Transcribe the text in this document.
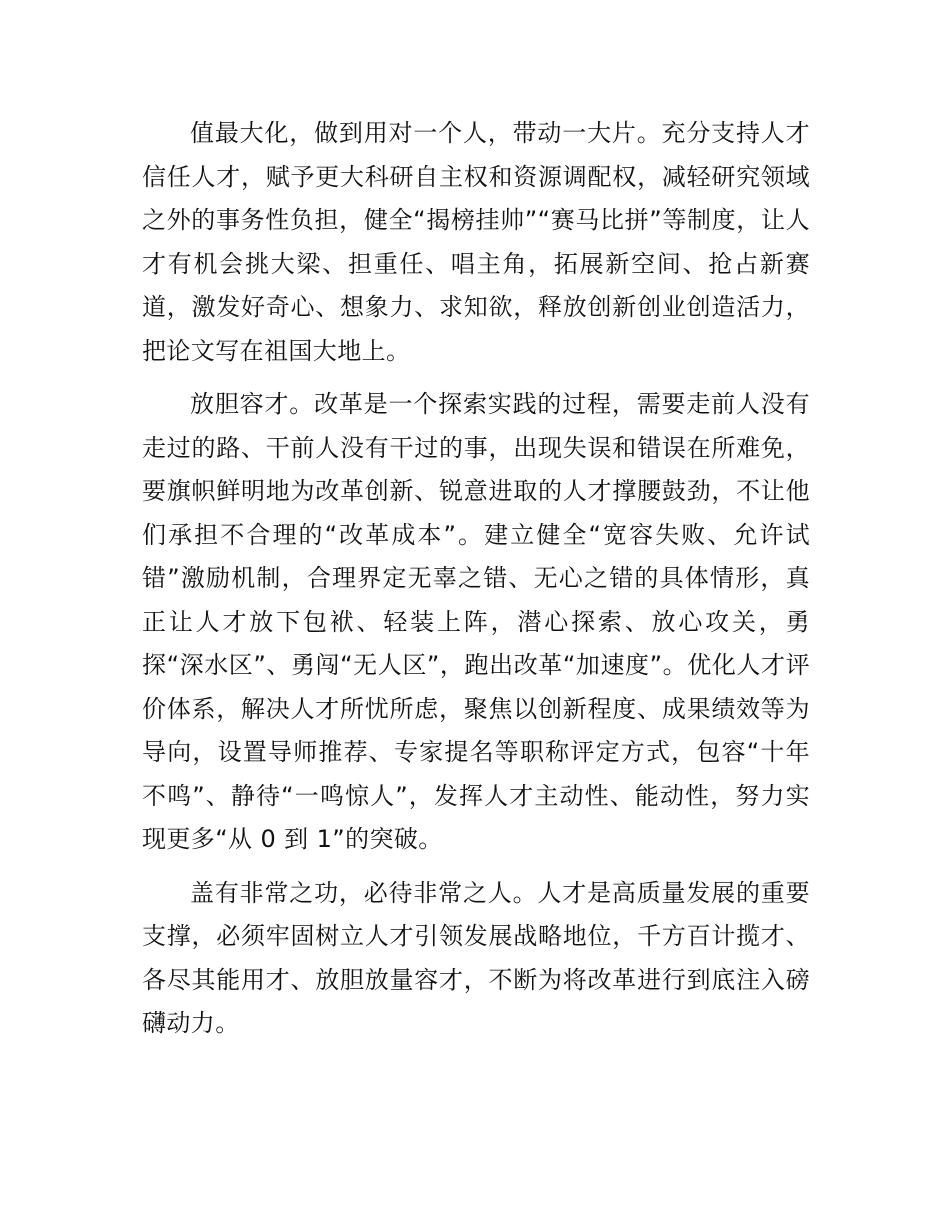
值最大化，做到用对一个人，带动一大片。充分支持人才信任人才，赋予更大科研自主权和资源调配权，减轻研究领域之外的事务性负担，健全“揭榜挂帅”“赛马比拼”等制度，让人才有机会挑大梁、担重任、唱主角，拓展新空间、抢占新赛道，激发好奇心、想象力、求知欲，释放创新创业创造活力，把论文写在祖国大地上。

放胆容才。改革是一个探索实践的过程，需要走前人没有走过的路、干前人没有干过的事，出现失误和错误在所难免，要旗帜鲜明地为改革创新、锐意进取的人才撑腰鼓劲，不让他们承担不合理的“改革成本”。建立健全“宽容失败、允许试错”激励机制，合理界定无辜之错、无心之错的具体情形，真正让人才放下包袱、轻装上阵，潜心探索、放心攻关，勇探“深水区”、勇闯“无人区”，跑出改革“加速度”。优化人才评价体系，解决人才所忧所虑，聚焦以创新程度、成果绩效等为导向，设置导师推荐、专家提名等职称评定方式，包容“十年不鸣”、静待“一鸣惊人”，发挥人才主动性、能动性，努力实现更多“从 0 到 1”的突破。

盖有非常之功，必待非常之人。人才是高质量发展的重要支撑，必须牢固树立人才引领发展战略地位，千方百计揽才、各尽其能用才、放胆放量容才，不断为将改革进行到底注入磅礴动力。
